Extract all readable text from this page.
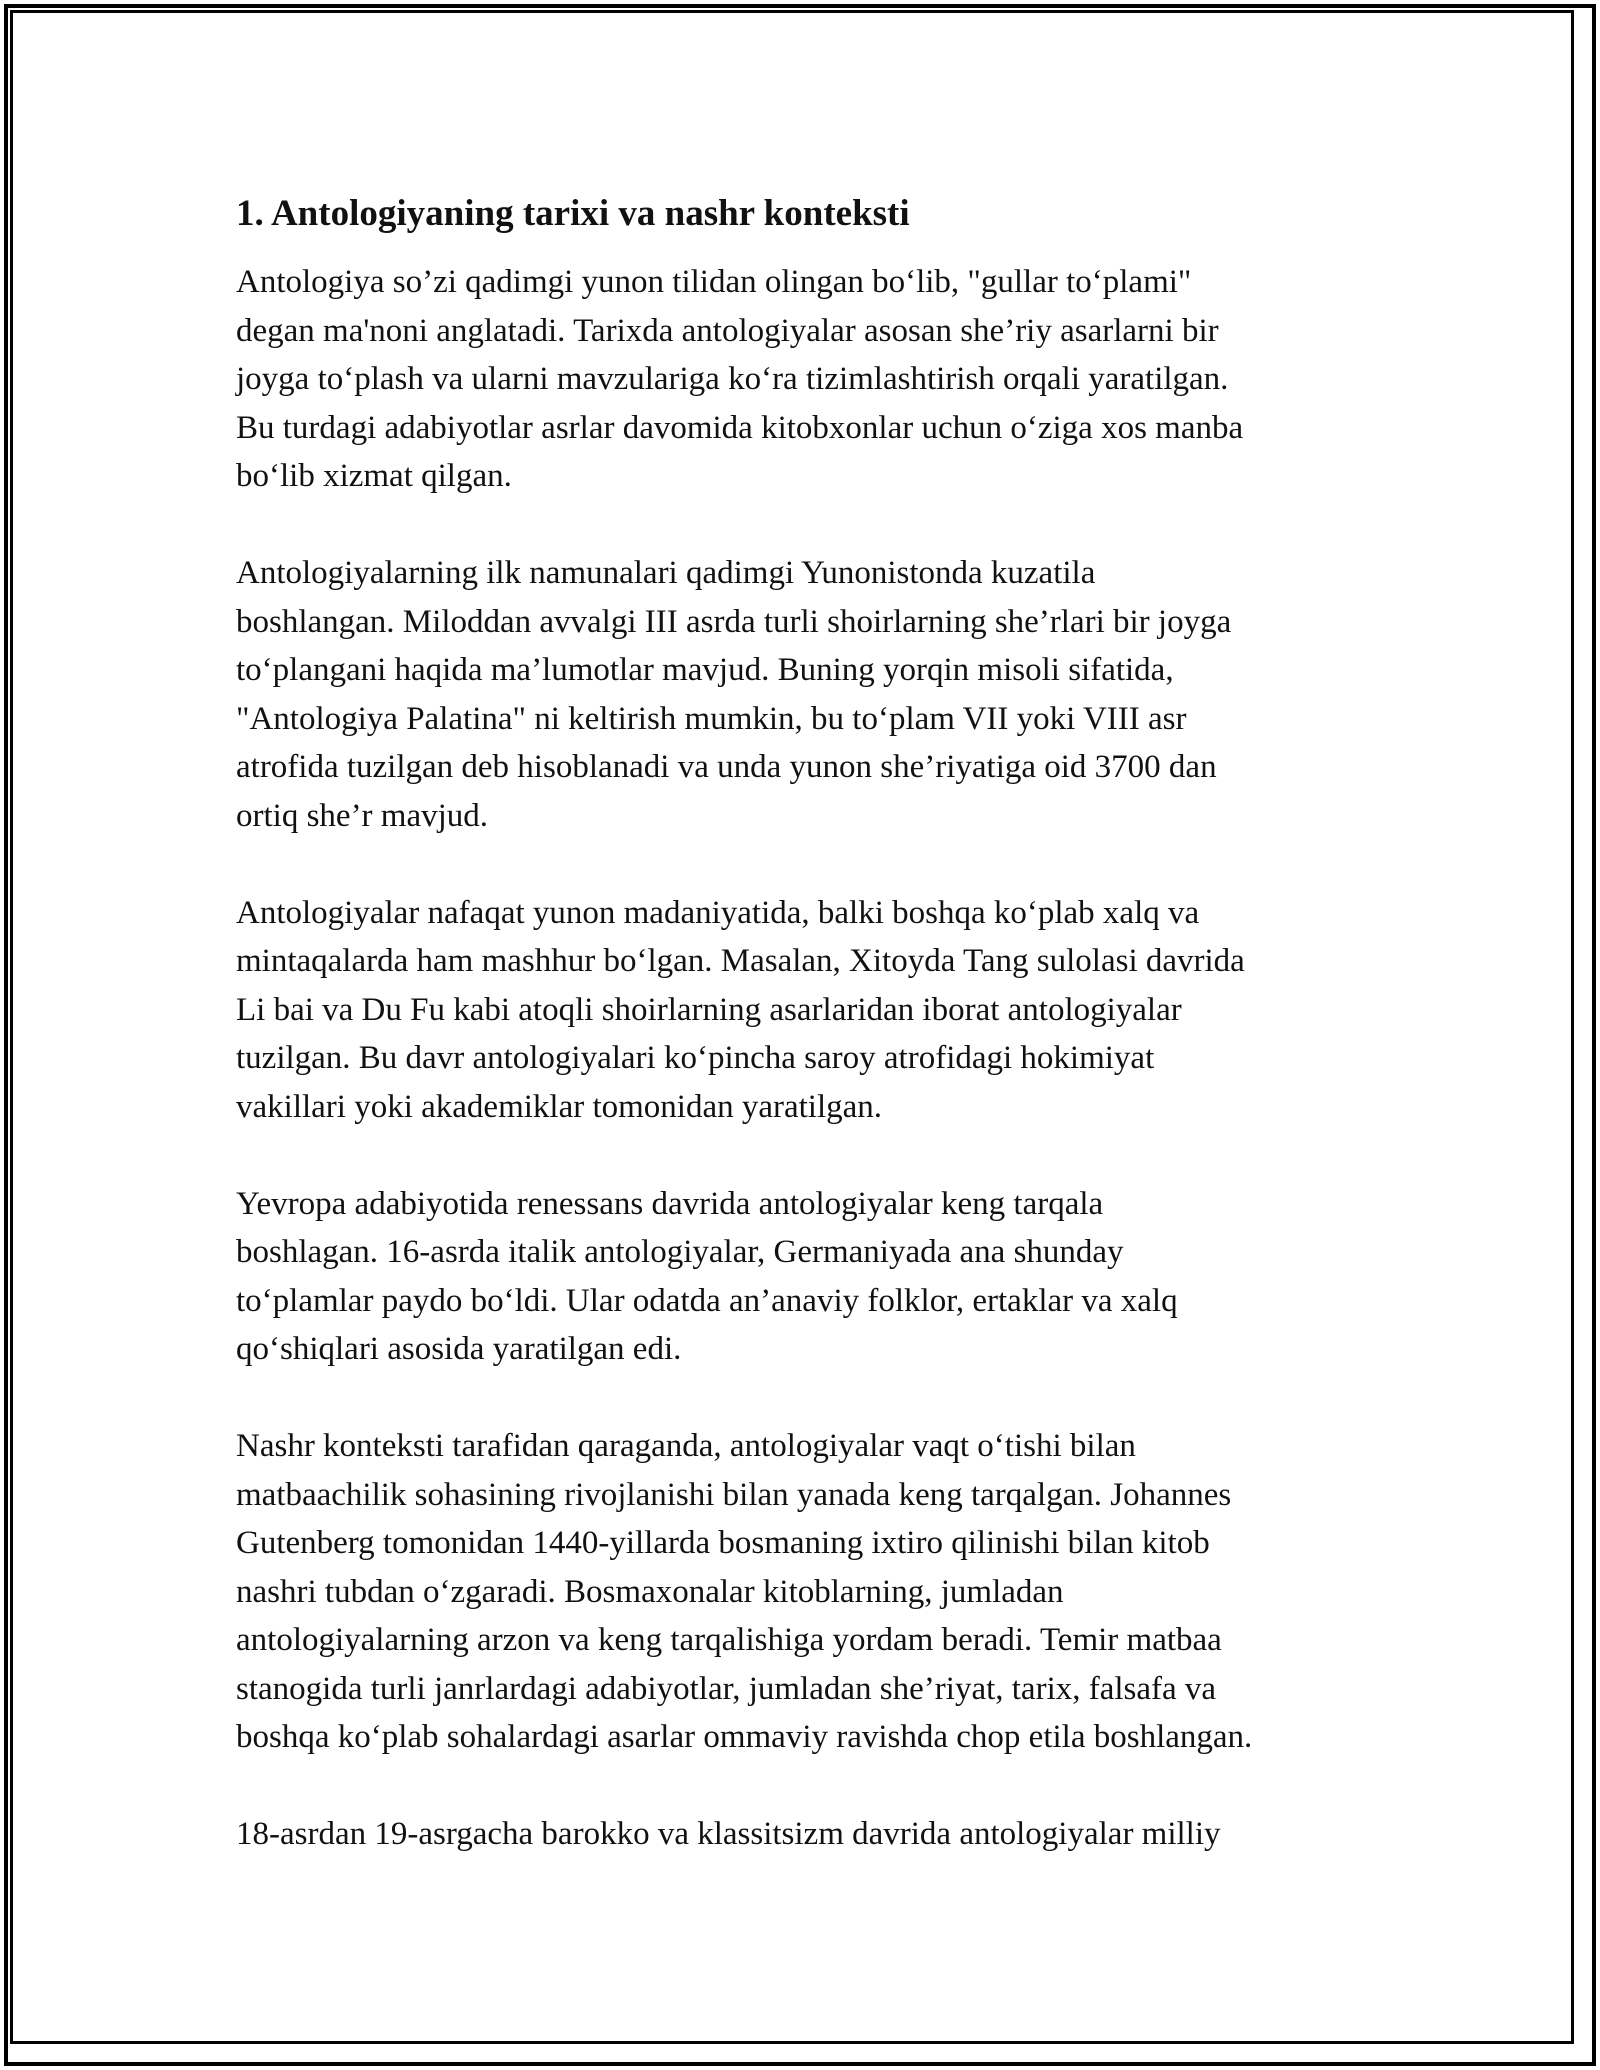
1. Antologiyaning tarixi va nashr konteksti
Antologiya so’zi qadimgi yunon tilidan olingan bo‘lib, "gullar to‘plami"
degan ma'noni anglatadi. Tarixda antologiyalar asosan she’riy asarlarni bir
joyga to‘plash va ularni mavzulariga ko‘ra tizimlashtirish orqali yaratilgan.
Bu turdagi adabiyotlar asrlar davomida kitobxonlar uchun o‘ziga xos manba
bo‘lib xizmat qilgan.
Antologiyalarning ilk namunalari qadimgi Yunonistonda kuzatila
boshlangan. Miloddan avvalgi III asrda turli shoirlarning she’rlari bir joyga
to‘plangani haqida ma’lumotlar mavjud. Buning yorqin misoli sifatida,
"Antologiya Palatina" ni keltirish mumkin, bu to‘plam VII yoki VIII asr
atrofida tuzilgan deb hisoblanadi va unda yunon she’riyatiga oid 3700 dan
ortiq she’r mavjud.
Antologiyalar nafaqat yunon madaniyatida, balki boshqa ko‘plab xalq va
mintaqalarda ham mashhur bo‘lgan. Masalan, Xitoyda Tang sulolasi davrida
Li bai va Du Fu kabi atoqli shoirlarning asarlaridan iborat antologiyalar
tuzilgan. Bu davr antologiyalari ko‘pincha saroy atrofidagi hokimiyat
vakillari yoki akademiklar tomonidan yaratilgan.
Yevropa adabiyotida renessans davrida antologiyalar keng tarqala
boshlagan. 16-asrda italik antologiyalar, Germaniyada ana shunday
to‘plamlar paydo bo‘ldi. Ular odatda an’anaviy folklor, ertaklar va xalq
qo‘shiqlari asosida yaratilgan edi.
Nashr konteksti tarafidan qaraganda, antologiyalar vaqt o‘tishi bilan
matbaachilik sohasining rivojlanishi bilan yanada keng tarqalgan. Johannes
Gutenberg tomonidan 1440-yillarda bosmaning ixtiro qilinishi bilan kitob
nashri tubdan o‘zgaradi. Bosmaxonalar kitoblarning, jumladan
antologiyalarning arzon va keng tarqalishiga yordam beradi. Temir matbaa
stanogida turli janrlardagi adabiyotlar, jumladan she’riyat, tarix, falsafa va
boshqa ko‘plab sohalardagi asarlar ommaviy ravishda chop etila boshlangan.
18-asrdan 19-asrgacha barokko va klassitsizm davrida antologiyalar milliy
